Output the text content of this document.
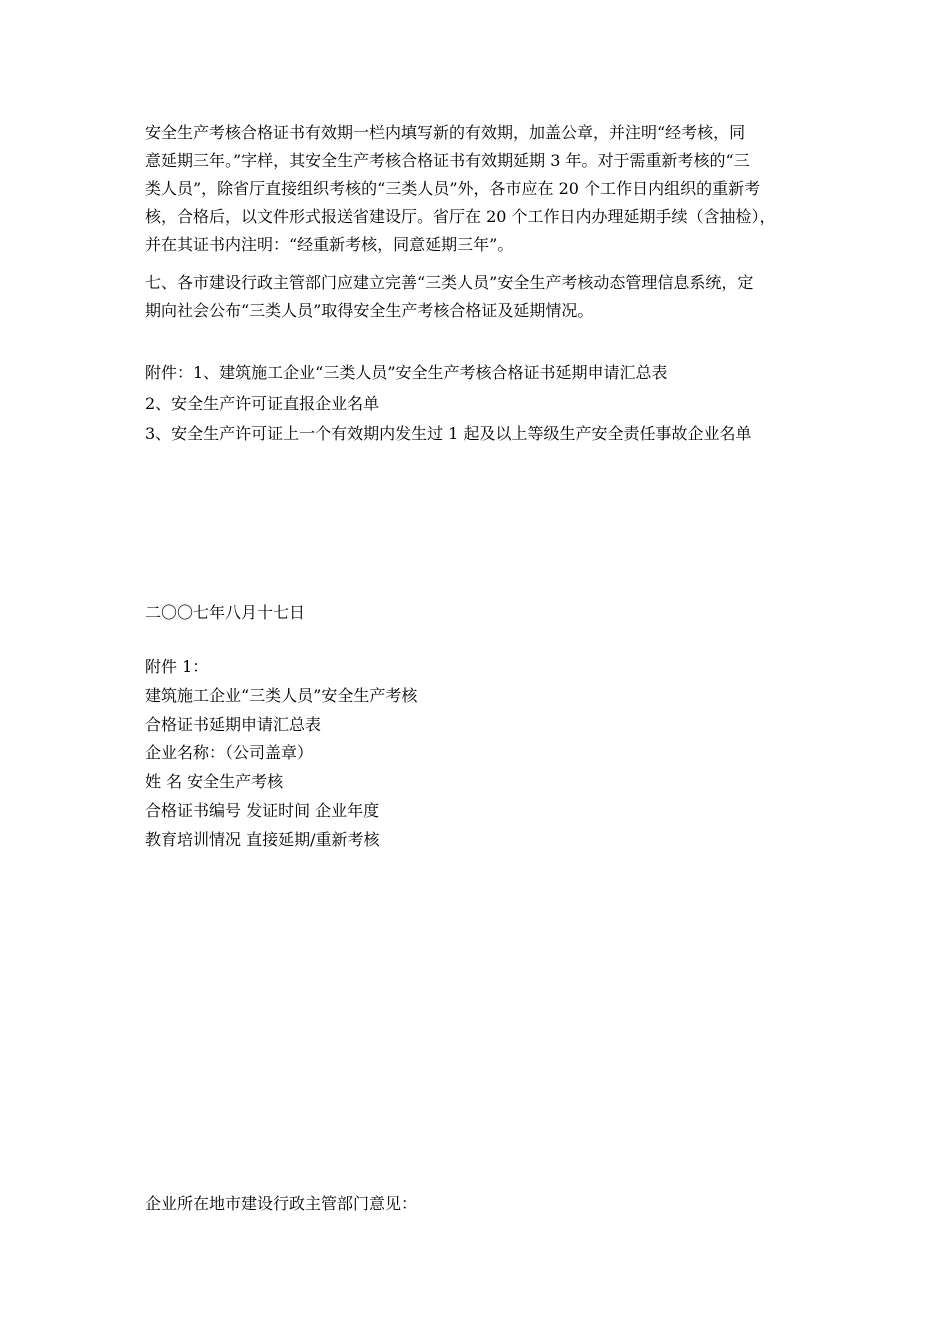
安全生产考核合格证书有效期一栏内填写新的有效期，加盖公章，并注明“经考核，同
意延期三年。”字样，其安全生产考核合格证书有效期延期 3 年。对于需重新考核的“三
类人员”，除省厅直接组织考核的“三类人员”外，各市应在 20 个工作日内组织的重新考
核，合格后，以文件形式报送省建设厅。省厅在 20 个工作日内办理延期手续（含抽检），
并在其证书内注明：“经重新考核，同意延期三年”。
七、各市建设行政主管部门应建立完善“三类人员”安全生产考核动态管理信息系统，定
期向社会公布“三类人员”取得安全生产考核合格证及延期情况。
附件：1、建筑施工企业“三类人员”安全生产考核合格证书延期申请汇总表
2、安全生产许可证直报企业名单
3、安全生产许可证上一个有效期内发生过 1 起及以上等级生产安全责任事故企业名单
二〇〇七年八月十七日
附件 1：
建筑施工企业“三类人员”安全生产考核
合格证书延期申请汇总表
企业名称：（公司盖章）
姓 名 安全生产考核
合格证书编号 发证时间 企业年度
教育培训情况 直接延期/重新考核
企业所在地市建设行政主管部门意见：
